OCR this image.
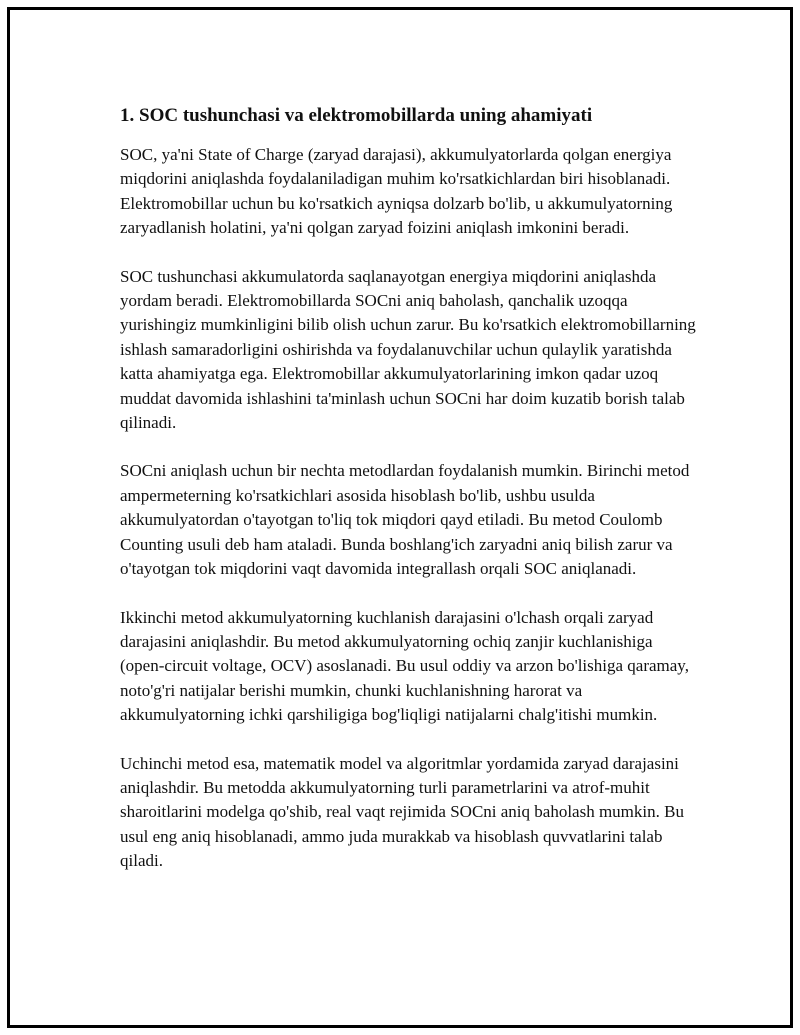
1. SOC tushunchasi va elektromobillarda uning ahamiyati

SOC, ya'ni State of Charge (zaryad darajasi), akkumulyatorlarda qolgan energiya miqdorini aniqlashda foydalaniladigan muhim ko'rsatkichlardan biri hisoblanadi. Elektromobillar uchun bu ko'rsatkich ayniqsa dolzarb bo'lib, u akkumulyatorning zaryadlanish holatini, ya'ni qolgan zaryad foizini aniqlash imkonini beradi.

SOC tushunchasi akkumulatorda saqlanayotgan energiya miqdorini aniqlashda yordam beradi. Elektromobillarda SOCni aniq baholash, qanchalik uzoqqa yurishingiz mumkinligini bilib olish uchun zarur. Bu ko'rsatkich elektromobillarning ishlash samaradorligini oshirishda va foydalanuvchilar uchun qulaylik yaratishda katta ahamiyatga ega. Elektromobillar akkumulyatorlarining imkon qadar uzoq muddat davomida ishlashini ta'minlash uchun SOCni har doim kuzatib borish talab qilinadi.

SOCni aniqlash uchun bir nechta metodlardan foydalanish mumkin. Birinchi metod ampermeterning ko'rsatkichlari asosida hisoblash bo'lib, ushbu usulda akkumulyatordan o'tayotgan to'liq tok miqdori qayd etiladi. Bu metod Coulomb Counting usuli deb ham ataladi. Bunda boshlang'ich zaryadni aniq bilish zarur va o'tayotgan tok miqdorini vaqt davomida integrallash orqali SOC aniqlanadi.

Ikkinchi metod akkumulyatorning kuchlanish darajasini o'lchash orqali zaryad darajasini aniqlashdir. Bu metod akkumulyatorning ochiq zanjir kuchlanishiga (open-circuit voltage, OCV) asoslanadi. Bu usul oddiy va arzon bo'lishiga qaramay, noto'g'ri natijalar berishi mumkin, chunki kuchlanishning harorat va akkumulyatorning ichki qarshiligiga bog'liqligi natijalarni chalg'itishi mumkin.

Uchinchi metod esa, matematik model va algoritmlar yordamida zaryad darajasini aniqlashdir. Bu metodda akkumulyatorning turli parametrlarini va atrof-muhit sharoitlarini modelga qo'shib, real vaqt rejimida SOCni aniq baholash mumkin. Bu usul eng aniq hisoblanadi, ammo juda murakkab va hisoblash quvvatlarini talab qiladi.
